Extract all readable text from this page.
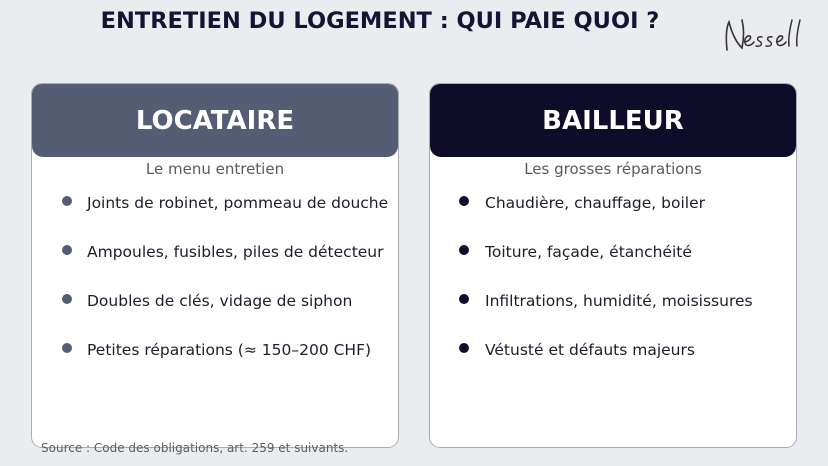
ENTRETIEN DU LOGEMENT : QUI PAIE QUOI ?
LOCATAIRE
Le menu entretien
Joints de robinet, pommeau de douche
Ampoules, fusibles, piles de détecteur
Doubles de clés, vidage de siphon
Petites réparations (≈ 150–200 CHF)
BAILLEUR
Les grosses réparations
Chaudière, chauffage, boiler
Toiture, façade, étanchéité
Infiltrations, humidité, moisissures
Vétusté et défauts majeurs
Source : Code des obligations, art. 259 et suivants.
